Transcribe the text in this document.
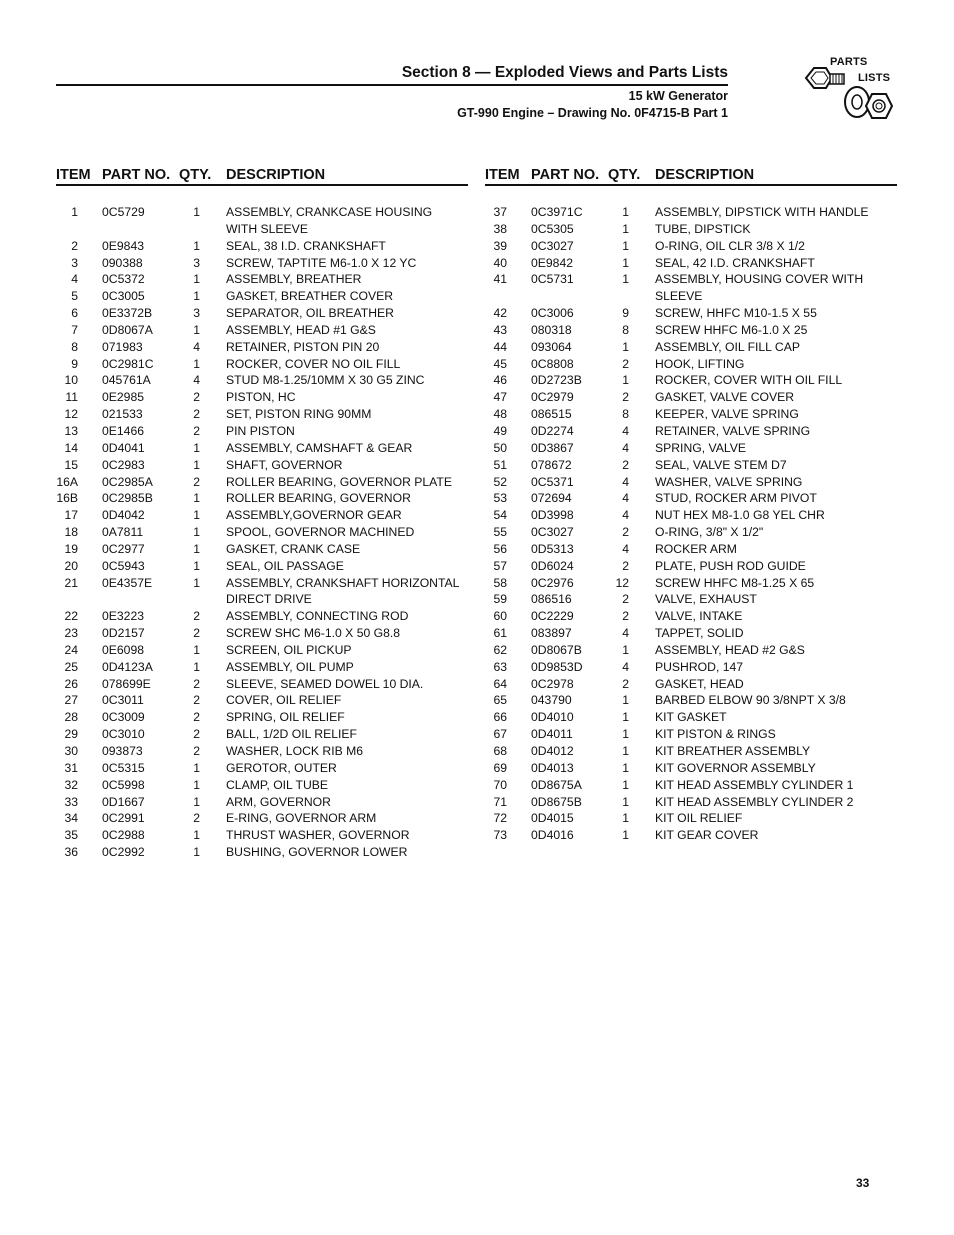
Section 8 — Exploded Views and Parts Lists
15 kW Generator
GT-990 Engine – Drawing No. 0F4715-B Part 1
PARTS
LISTS
ITEM PART NO. QTY. DESCRIPTION
1 0C5729	1 ASSEMBLY, CRANKCASE HOUSING WITH SLEEVE
2 0E9843	1 SEAL, 38 I.D. CRANKSHAFT
3 090388	3 SCREW, TAPTITE M6-1.0 X 12 YC
4 0C5372	1 ASSEMBLY, BREATHER
5 0C3005	1 GASKET, BREATHER COVER
6 0E3372B	3 SEPARATOR, OIL BREATHER
7 0D8067A	1 ASSEMBLY, HEAD #1 G&S
8 071983	4 RETAINER, PISTON PIN 20
9 0C2981C	1 ROCKER, COVER NO OIL FILL
10 045761A	4 STUD M8-1.25/10MM X 30 G5 ZINC
11 0E2985	2 PISTON, HC
12 021533	2 SET, PISTON RING 90MM
13 0E1466	2 PIN PISTON
14 0D4041	1 ASSEMBLY, CAMSHAFT & GEAR
15 0C2983	1 SHAFT, GOVERNOR
16A 0C2985A	2 ROLLER BEARING, GOVERNOR PLATE
16B 0C2985B	1 ROLLER BEARING, GOVERNOR
17 0D4042	1 ASSEMBLY,GOVERNOR GEAR
18 0A7811	1 SPOOL, GOVERNOR MACHINED
19 0C2977	1 GASKET, CRANK CASE
20 0C5943	1 SEAL, OIL PASSAGE
21 0E4357E	1 ASSEMBLY, CRANKSHAFT HORIZONTAL DIRECT DRIVE
22 0E3223	2 ASSEMBLY, CONNECTING ROD
23 0D2157	2 SCREW SHC M6-1.0 X 50 G8.8
24 0E6098	1 SCREEN, OIL PICKUP
25 0D4123A	1 ASSEMBLY, OIL PUMP
26 078699E	2 SLEEVE, SEAMED DOWEL 10 DIA.
27 0C3011	2 COVER, OIL RELIEF
28 0C3009	2 SPRING, OIL RELIEF
29 0C3010	2 BALL, 1/2D OIL RELIEF
30 093873	2 WASHER, LOCK RIB M6
31 0C5315	1 GEROTOR, OUTER
32 0C5998	1 CLAMP, OIL TUBE
33 0D1667	1 ARM, GOVERNOR
34 0C2991	2 E-RING, GOVERNOR ARM
35 0C2988	1 THRUST WASHER, GOVERNOR
36 0C2992	1 BUSHING, GOVERNOR LOWER
ITEM PART NO. QTY. DESCRIPTION
37 0C3971C	1 ASSEMBLY, DIPSTICK WITH HANDLE
38 0C5305	1 TUBE, DIPSTICK
39 0C3027	1 O-RING, OIL CLR 3/8 X 1/2
40 0E9842	1 SEAL, 42 I.D. CRANKSHAFT
41 0C5731	1 ASSEMBLY, HOUSING COVER WITH SLEEVE
42 0C3006	9 SCREW, HHFC M10-1.5 X 55
43 080318	8 SCREW HHFC M6-1.0 X 25
44 093064	1 ASSEMBLY, OIL FILL CAP
45 0C8808	2 HOOK, LIFTING
46 0D2723B	1 ROCKER, COVER WITH OIL FILL
47 0C2979	2 GASKET, VALVE COVER
48 086515	8 KEEPER, VALVE SPRING
49 0D2274	4 RETAINER, VALVE SPRING
50 0D3867	4 SPRING, VALVE
51 078672	2 SEAL, VALVE STEM D7
52 0C5371	4 WASHER, VALVE SPRING
53 072694	4 STUD, ROCKER ARM PIVOT
54 0D3998	4 NUT HEX M8-1.0 G8 YEL CHR
55 0C3027	2 O-RING, 3/8" X 1/2"
56 0D5313	4 ROCKER ARM
57 0D6024	2 PLATE, PUSH ROD GUIDE
58 0C2976	12 SCREW HHFC M8-1.25 X 65
59 086516	2 VALVE, EXHAUST
60 0C2229	2 VALVE, INTAKE
61 083897	4 TAPPET, SOLID
62 0D8067B	1 ASSEMBLY, HEAD #2 G&S
63 0D9853D	4 PUSHROD, 147
64 0C2978	2 GASKET, HEAD
65 043790	1 BARBED ELBOW 90 3/8NPT X 3/8
66 0D4010	1 KIT GASKET
67 0D4011	1 KIT PISTON & RINGS
68 0D4012	1 KIT BREATHER ASSEMBLY
69 0D4013	1 KIT GOVERNOR ASSEMBLY
70 0D8675A	1 KIT HEAD ASSEMBLY CYLINDER 1
71 0D8675B	1 KIT HEAD ASSEMBLY CYLINDER 2
72 0D4015	1 KIT OIL RELIEF
73 0D4016	1 KIT GEAR COVER
33
